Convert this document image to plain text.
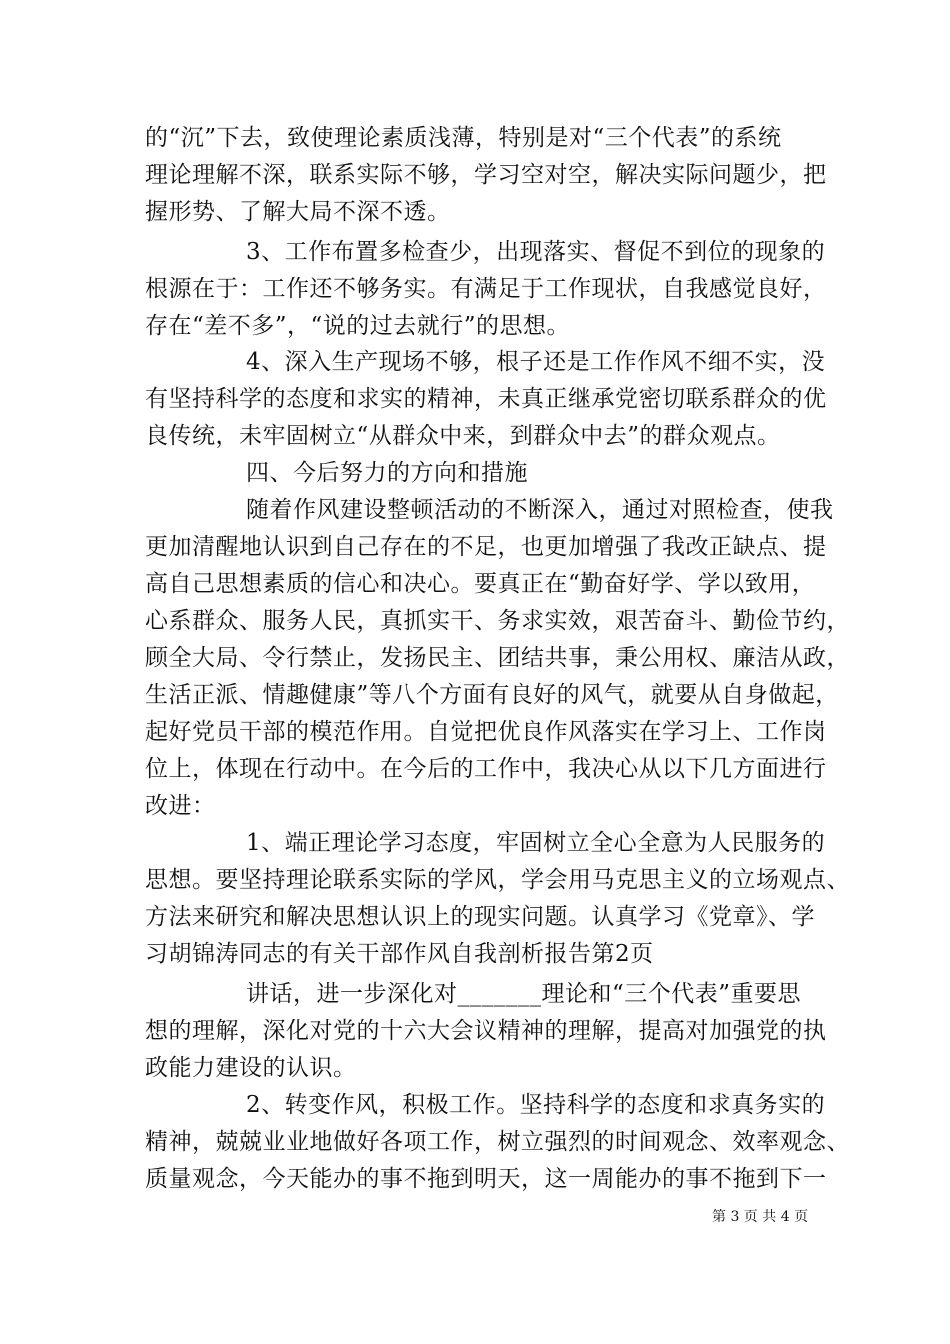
的“沉”下去，致使理论素质浅薄，特别是对“三个代表”的系统
理论理解不深，联系实际不够，学习空对空，解决实际问题少，把
握形势、了解大局不深不透。
3、工作布置多检查少，出现落实、督促不到位的现象的
根源在于：工作还不够务实。有满足于工作现状，自我感觉良好，
存在“差不多”，“说的过去就行”的思想。
4、深入生产现场不够，根子还是工作作风不细不实，没
有坚持科学的态度和求实的精神，未真正继承党密切联系群众的优
良传统，未牢固树立“从群众中来，到群众中去”的群众观点。
四、今后努力的方向和措施
随着作风建设整顿活动的不断深入，通过对照检查，使我
更加清醒地认识到自己存在的不足，也更加增强了我改正缺点、提
高自己思想素质的信心和决心。要真正在“勤奋好学、学以致用，
心系群众、服务人民，真抓实干、务求实效，艰苦奋斗、勤俭节约，
顾全大局、令行禁止，发扬民主、团结共事，秉公用权、廉洁从政，
生活正派、情趣健康”等八个方面有良好的风气，就要从自身做起，
起好党员干部的模范作用。自觉把优良作风落实在学习上、工作岗
位上，体现在行动中。在今后的工作中，我决心从以下几方面进行
改进：
1、端正理论学习态度，牢固树立全心全意为人民服务的
思想。要坚持理论联系实际的学风，学会用马克思主义的立场观点、
方法来研究和解决思想认识上的现实问题。认真学习《党章》、学
习胡锦涛同志的有关干部作风自我剖析报告第2页
讲话，进一步深化对_______理论和“三个代表”重要思
想的理解，深化对党的十六大会议精神的理解，提高对加强党的执
政能力建设的认识。
2、转变作风，积极工作。坚持科学的态度和求真务实的
精神，兢兢业业地做好各项工作，树立强烈的时间观念、效率观念、
质量观念，今天能办的事不拖到明天，这一周能办的事不拖到下一
第 3 页 共 4 页
